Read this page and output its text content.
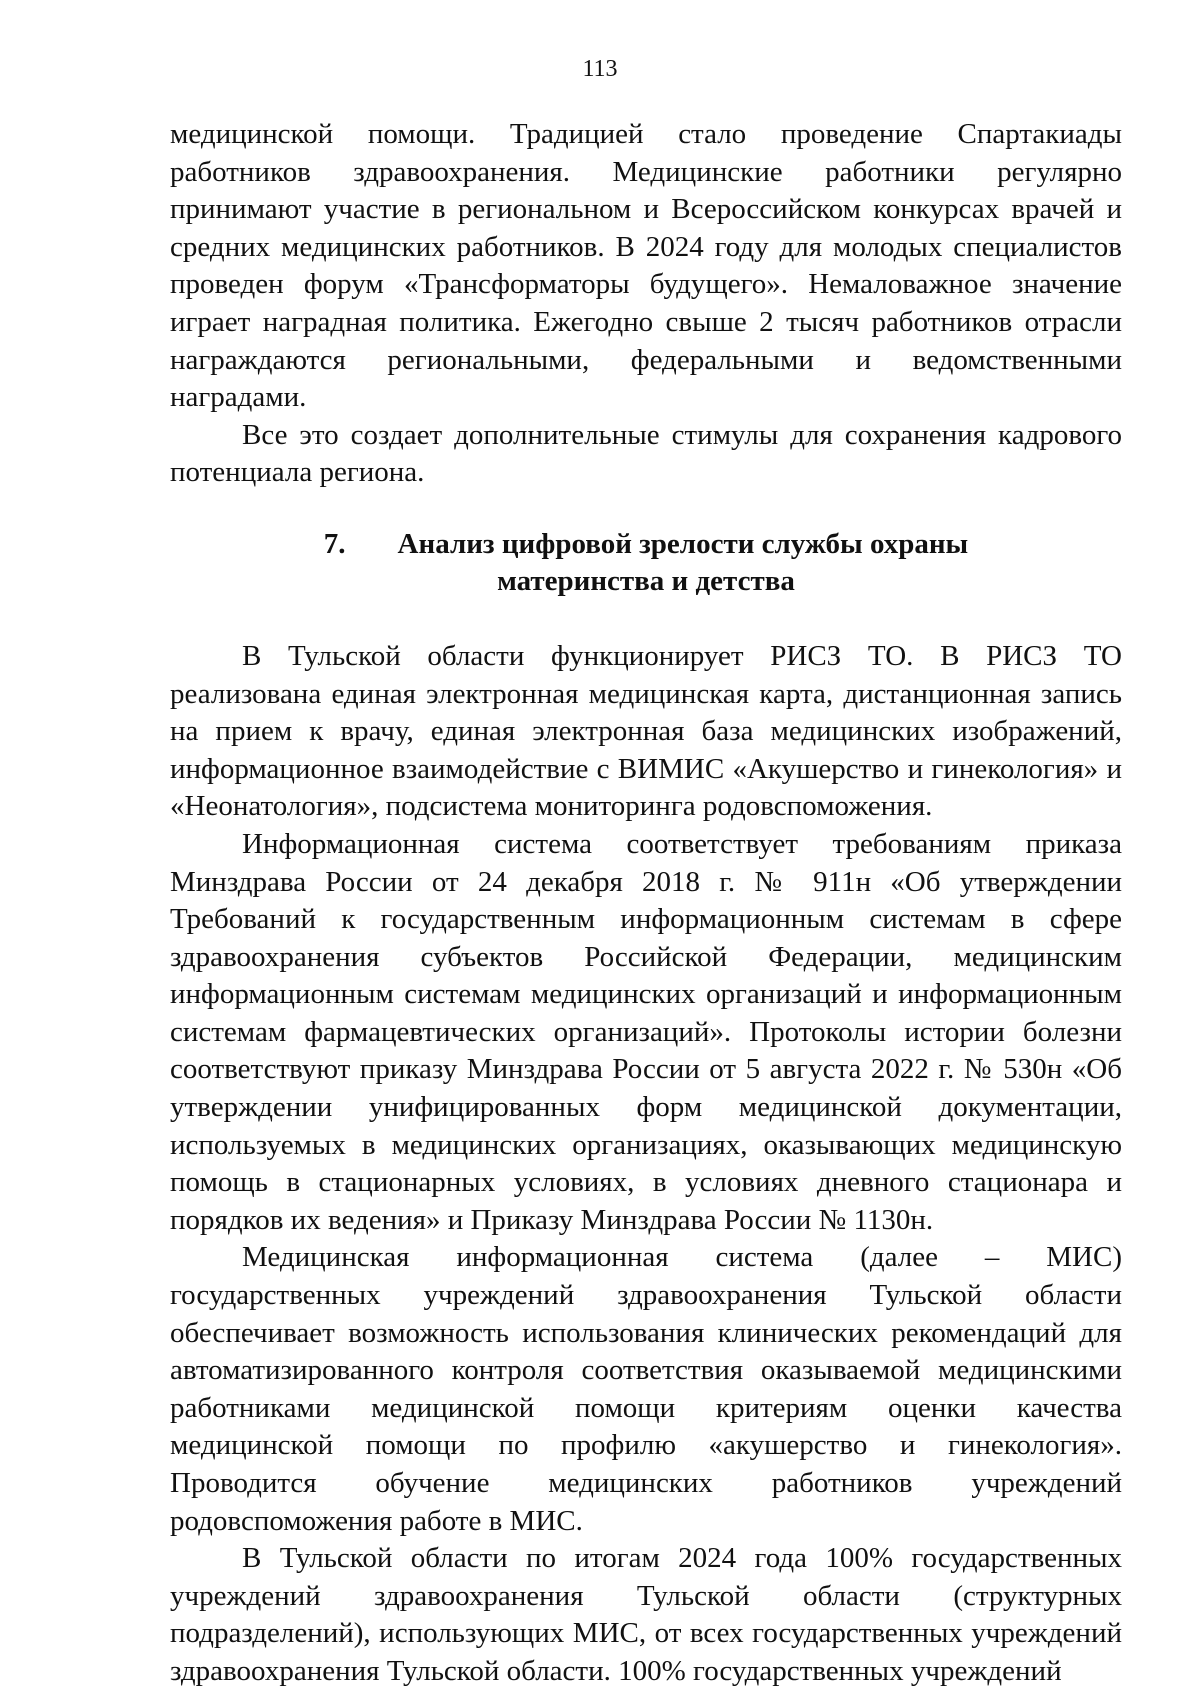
113

медицинской помощи. Традицией стало проведение Спартакиады работников здравоохранения. Медицинские работники регулярно принимают участие в региональном и Всероссийском конкурсах врачей и средних медицинских работников. В 2024 году для молодых специалистов проведен форум «Трансформаторы будущего». Немаловажное значение играет наградная политика. Ежегодно свыше 2 тысяч работников отрасли награждаются региональными, федеральными и ведомственными наградами.

Все это создает дополнительные стимулы для сохранения кадрового потенциала региона.

7. Анализ цифровой зрелости службы охраны
материнства и детства

В Тульской области функционирует РИСЗ ТО. В РИСЗ ТО реализована единая электронная медицинская карта, дистанционная запись на прием к врачу, единая электронная база медицинских изображений, информационное взаимодействие с ВИМИС «Акушерство и гинекология» и «Неонатология», подсистема мониторинга родовспоможения.

Информационная система соответствует требованиям приказа Минздрава России от 24 декабря 2018 г. № 911н «Об утверждении Требований к государственным информационным системам в сфере здравоохранения субъектов Российской Федерации, медицинским информационным системам медицинских организаций и информационным системам фармацевтических организаций». Протоколы истории болезни соответствуют приказу Минздрава России от 5 августа 2022 г. № 530н «Об утверждении унифицированных форм медицинской документации, используемых в медицинских организациях, оказывающих медицинскую помощь в стационарных условиях, в условиях дневного стационара и порядков их ведения» и Приказу Минздрава России № 1130н.

Медицинская информационная система (далее – МИС) государственных учреждений здравоохранения Тульской области обеспечивает возможность использования клинических рекомендаций для автоматизированного контроля соответствия оказываемой медицинскими работниками медицинской помощи критериям оценки качества медицинской помощи по профилю «акушерство и гинекология». Проводится обучение медицинских работников учреждений родовспоможения работе в МИС.

В Тульской области по итогам 2024 года 100% государственных учреждений здравоохранения Тульской области (структурных подразделений), использующих МИС, от всех государственных учреждений здравоохранения Тульской области. 100% государственных учреждений
